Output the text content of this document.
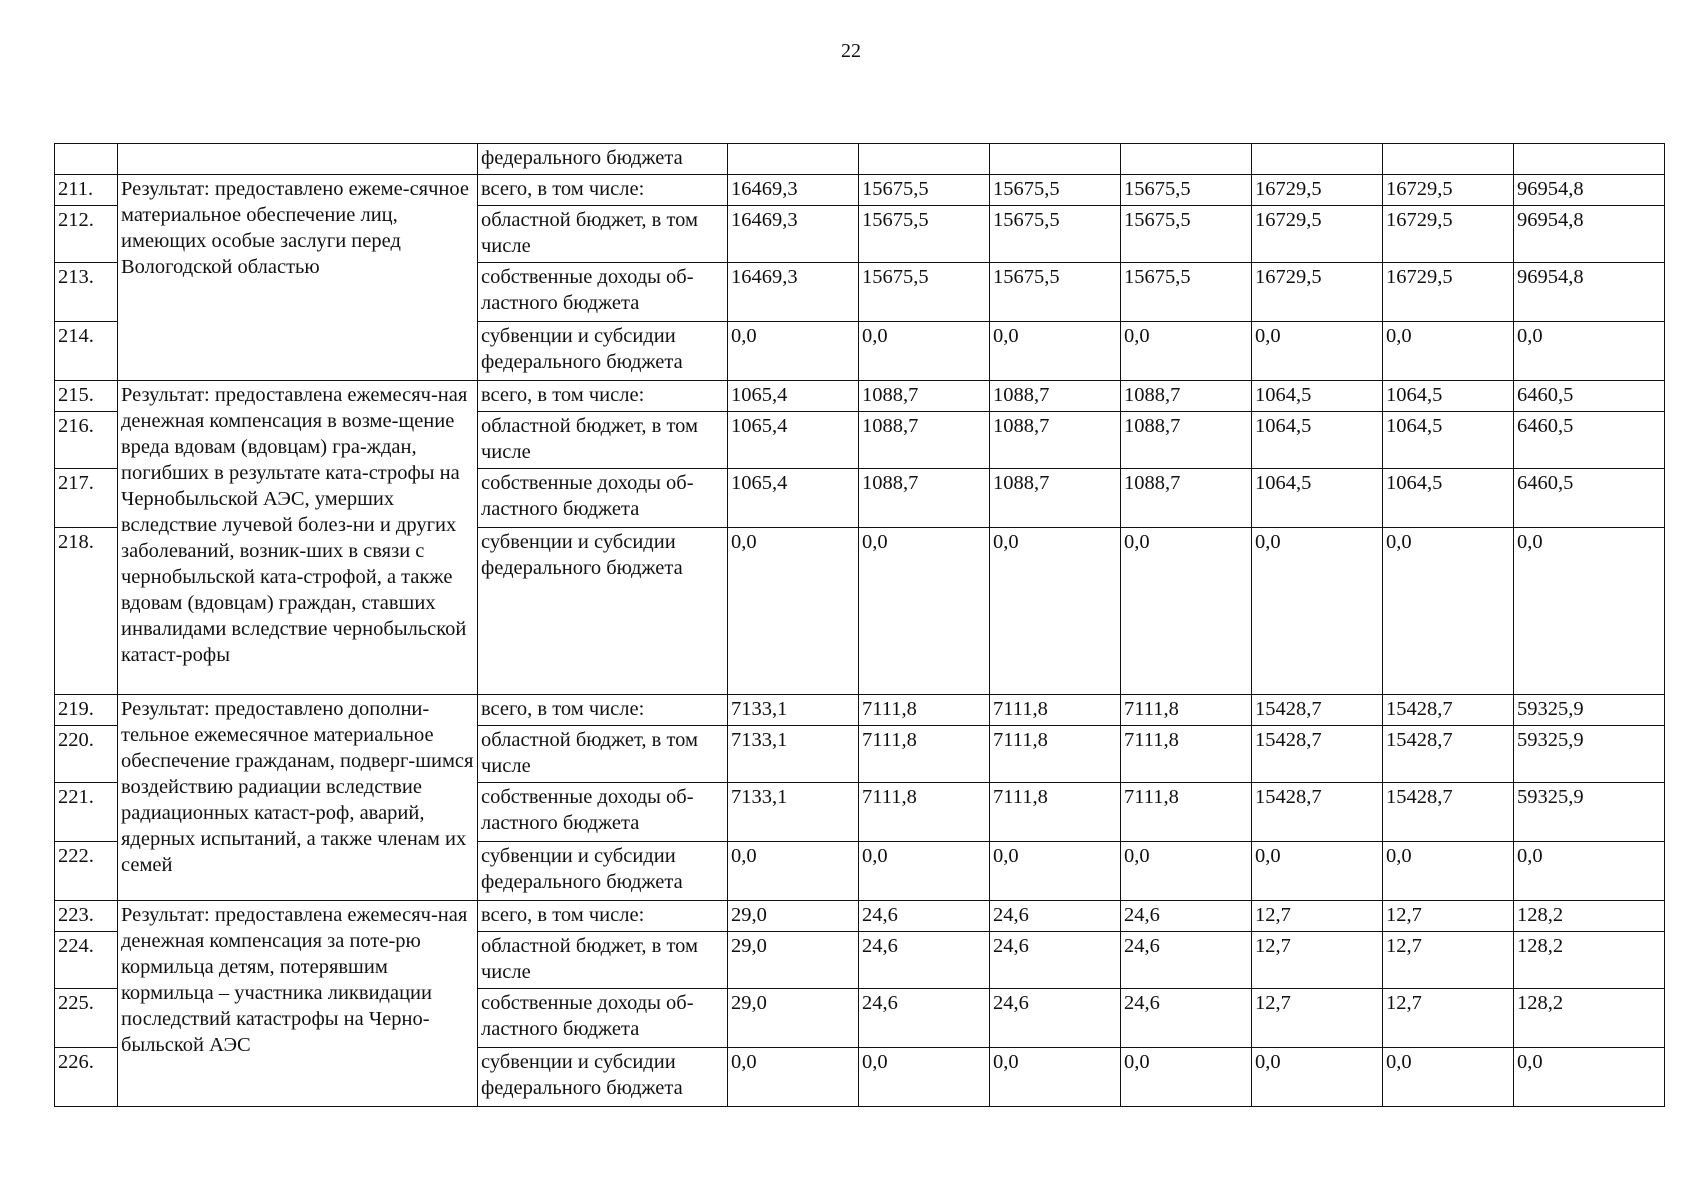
22
		федерального бюджета							
211.	Результат: предоставлено ежеме-сячное материальное обеспечение лиц, имеющих особые заслуги перед Вологодской областью	всего, в том числе:	16469,3	15675,5	15675,5	15675,5	16729,5	16729,5	96954,8
212.		областной бюджет, в том числе	16469,3	15675,5	15675,5	15675,5	16729,5	16729,5	96954,8
213.		собственные доходы об-ластного бюджета	16469,3	15675,5	15675,5	15675,5	16729,5	16729,5	96954,8
214.		субвенции и субсидии федерального бюджета	0,0	0,0	0,0	0,0	0,0	0,0	0,0
215.	Результат: предоставлена ежемесяч-ная денежная компенсация в возме-щение вреда вдовам (вдовцам) гра-ждан, погибших в результате ката-строфы на Чернобыльской АЭС, умерших вследствие лучевой болез-ни и других заболеваний, возник-ших в связи с чернобыльской ката-строфой, а также вдовам (вдовцам) граждан, ставших инвалидами вследствие чернобыльской катаст-рофы	всего, в том числе:	1065,4	1088,7	1088,7	1088,7	1064,5	1064,5	6460,5
216.		областной бюджет, в том числе	1065,4	1088,7	1088,7	1088,7	1064,5	1064,5	6460,5
217.		собственные доходы об-ластного бюджета	1065,4	1088,7	1088,7	1088,7	1064,5	1064,5	6460,5
218.		субвенции и субсидии федерального бюджета	0,0	0,0	0,0	0,0	0,0	0,0	0,0
219.	Результат: предоставлено дополни-тельное ежемесячное материальное обеспечение гражданам, подверг-шимся воздействию радиации вследствие радиационных катаст-роф, аварий, ядерных испытаний, а также членам их семей	всего, в том числе:	7133,1	7111,8	7111,8	7111,8	15428,7	15428,7	59325,9
220.		областной бюджет, в том числе	7133,1	7111,8	7111,8	7111,8	15428,7	15428,7	59325,9
221.		собственные доходы об-ластного бюджета	7133,1	7111,8	7111,8	7111,8	15428,7	15428,7	59325,9
222.		субвенции и субсидии федерального бюджета	0,0	0,0	0,0	0,0	0,0	0,0	0,0
223.	Результат: предоставлена ежемесяч-ная денежная компенсация за поте-рю кормильца детям, потерявшим кормильца – участника ликвидации последствий катастрофы на Черно-быльской АЭС	всего, в том числе:	29,0	24,6	24,6	24,6	12,7	12,7	128,2
224.		областной бюджет, в том числе	29,0	24,6	24,6	24,6	12,7	12,7	128,2
225.		собственные доходы об-ластного бюджета	29,0	24,6	24,6	24,6	12,7	12,7	128,2
226.		субвенции и субсидии федерального бюджета	0,0	0,0	0,0	0,0	0,0	0,0	0,0
